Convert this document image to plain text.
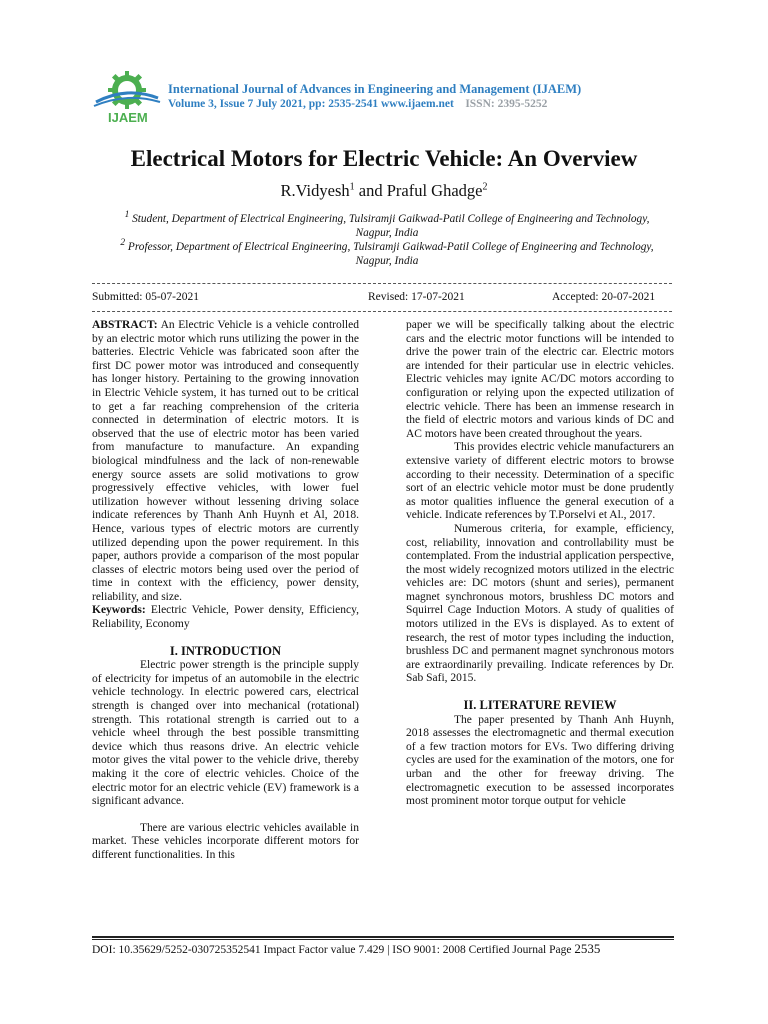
IJAEM
International Journal of Advances in Engineering and Management (IJAEM)
Volume 3, Issue 7 July 2021, pp: 2535-2541 www.ijaem.net ISSN: 2395-5252
Electrical Motors for Electric Vehicle: An Overview
R.Vidyesh$^1$ and Praful Ghadge$^2$
$^1$ Student, Department of Electrical Engineering, Tulsiramji Gaikwad-Patil College of Engineering and Technology, Nagpur, India
$^2$ Professor, Department of Electrical Engineering, Tulsiramji Gaikwad-Patil College of Engineering and Technology, Nagpur, India
Submitted: 05-07-2021	Revised: 17-07-2021	Accepted: 20-07-2021

ABSTRACT: An Electric Vehicle is a vehicle controlled by an electric motor which runs utilizing the power in the batteries. Electric Vehicle was fabricated soon after the first DC power motor was introduced and consequently has longer history. Pertaining to the growing innovation in Electric Vehicle system, it has turned out to be critical to get a far reaching comprehension of the criteria connected in determination of electric motors. It is observed that the use of electric motor has been varied from manufacture to manufacture. An expanding biological mindfulness and the lack of non-renewable energy source assets are solid motivations to grow progressively effective vehicles, with lower fuel utilization however without lessening driving solace indicate references by Thanh Anh Huynh et Al, 2018. Hence, various types of electric motors are currently utilized depending upon the power requirement. In this paper, authors provide a comparison of the most popular classes of electric motors being used over the period of time in context with the efficiency, power density, reliability, and size.

Keywords: Electric Vehicle, Power density, Efficiency, Reliability, Economy

I. INTRODUCTION

Electric power strength is the principle supply of electricity for impetus of an automobile in the electric vehicle technology. In electric powered cars, electrical strength is changed over into mechanical (rotational) strength. This rotational strength is carried out to a vehicle wheel through the best possible transmitting device which thus reasons drive. An electric vehicle motor gives the vital power to the vehicle drive, thereby making it the core of electric vehicles. Choice of the electric motor for an electric vehicle (EV) framework is a significant advance.

There are various electric vehicles available in market. These vehicles incorporate different motors for different functionalities. In this

paper we will be specifically talking about the electric cars and the electric motor functions will be intended to drive the power train of the electric car. Electric motors are intended for their particular use in electric vehicles. Electric vehicles may ignite AC/DC motors according to configuration or relying upon the expected utilization of electric vehicle. There has been an immense research in the field of electric motors and various kinds of DC and AC motors have been created throughout the years.

This provides electric vehicle manufacturers an extensive variety of different electric motors to browse according to their necessity. Determination of a specific sort of an electric vehicle motor must be done prudently as motor qualities influence the general execution of a vehicle. Indicate references by T.Porselvi et Al., 2017.

Numerous criteria, for example, efficiency, cost, reliability, innovation and controllability must be contemplated. From the industrial application perspective, the most widely recognized motors utilized in the electric vehicles are: DC motors (shunt and series), permanent magnet synchronous motors, brushless DC motors and Squirrel Cage Induction Motors. A study of qualities of motors utilized in the EVs is displayed. As to extent of research, the rest of motor types including the induction, brushless DC and permanent magnet synchronous motors are extraordinarily prevailing. Indicate references by Dr. Sab Safi, 2015.

II. LITERATURE REVIEW

The paper presented by Thanh Anh Huynh, 2018 assesses the electromagnetic and thermal execution of a few traction motors for EVs. Two differing driving cycles are used for the examination of the motors, one for urban and the other for freeway driving. The electromagnetic execution to be assessed incorporates most prominent motor torque output for vehicle

DOI: 10.35629/5252-030725352541 Impact Factor value 7.429 | ISO 9001: 2008 Certified Journal Page 2535
